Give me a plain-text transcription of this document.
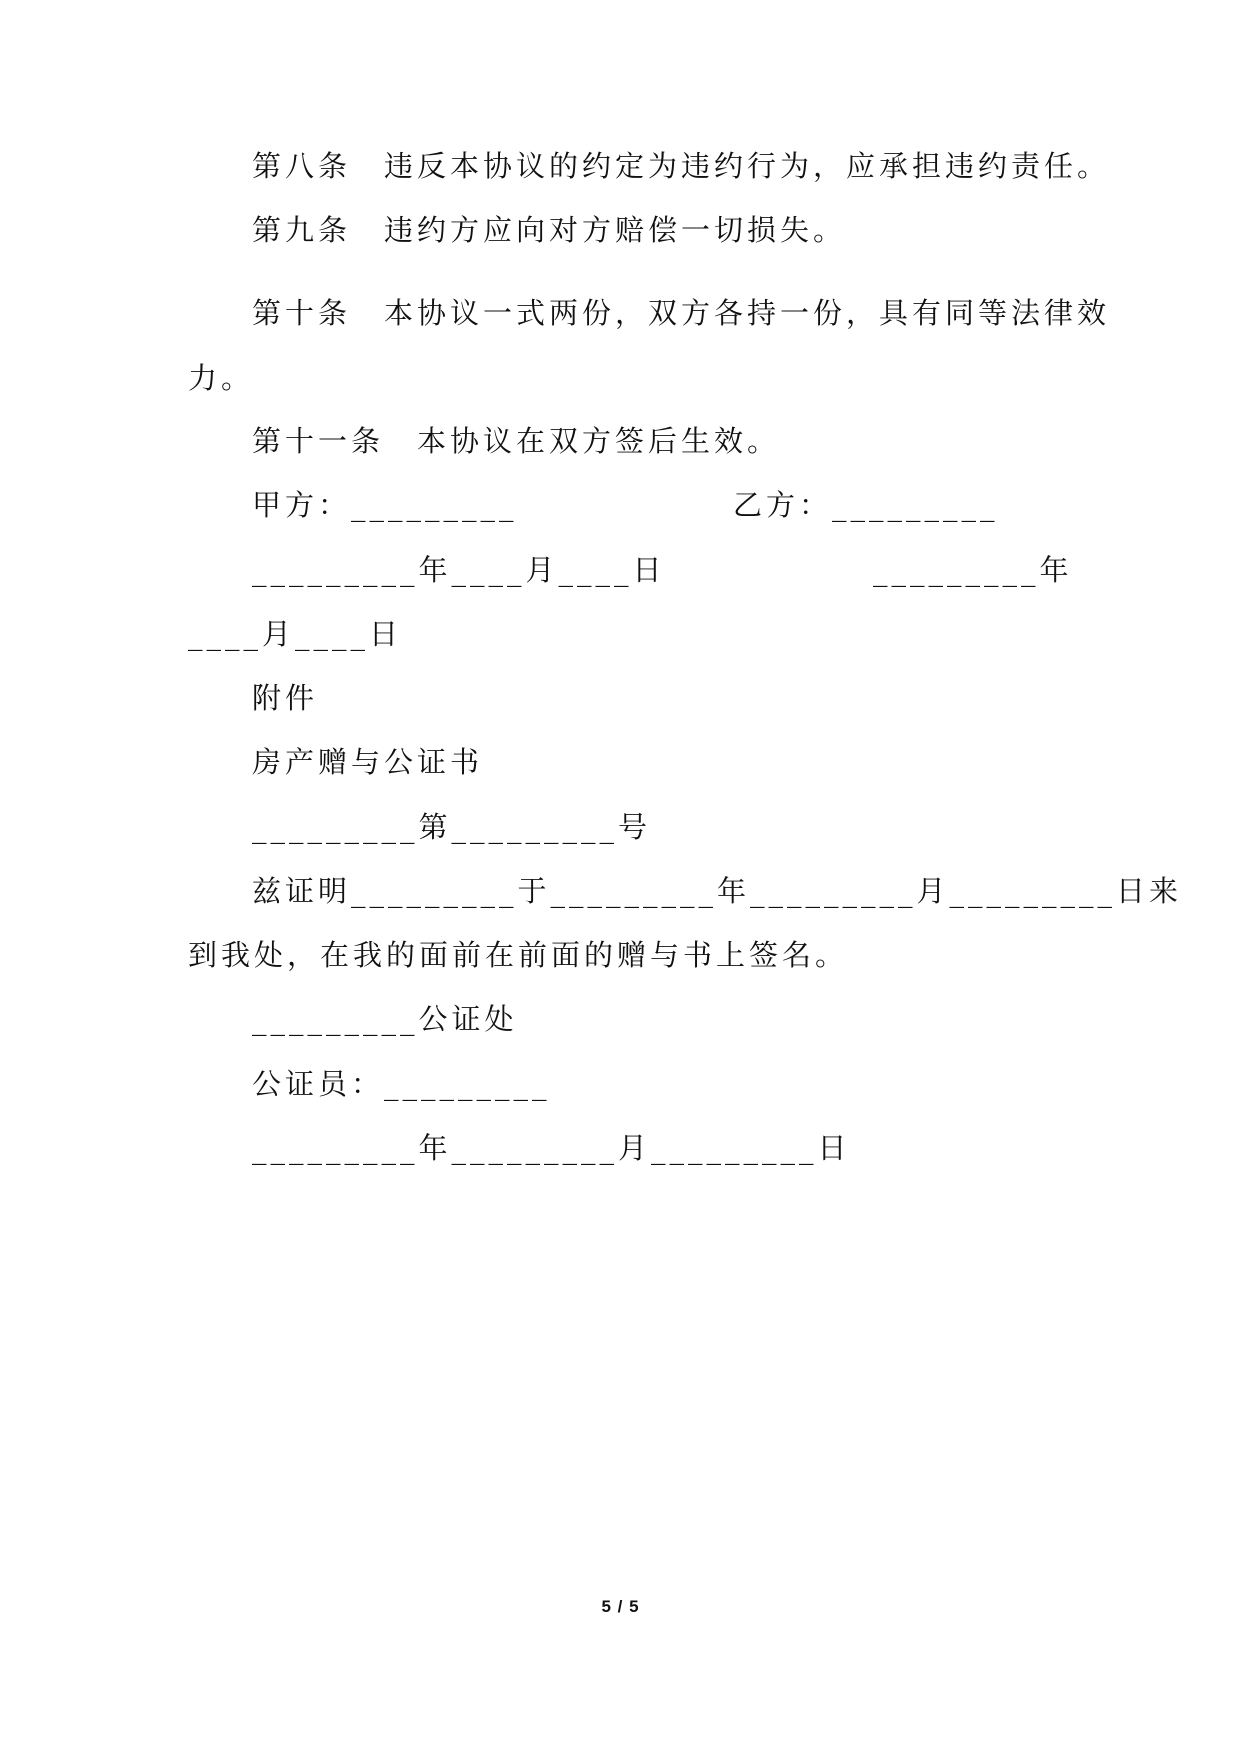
第八条　违反本协议的约定为违约行为，应承担违约责任。
第九条　违约方应向对方赔偿一切损失。
第十条　本协议一式两份，双方各持一份，具有同等法律效
力。
第十一条　本协议在双方签后生效。
甲方：_________	乙方：_________
_________年____月____日	_________年
____月____日
附件
房产赠与公证书
_________第_________号
兹证明_________于_________年_________月_________日来
到我处，在我的面前在前面的赠与书上签名。
_________公证处
公证员：_________
_________年_________月_________日
5 / 5
